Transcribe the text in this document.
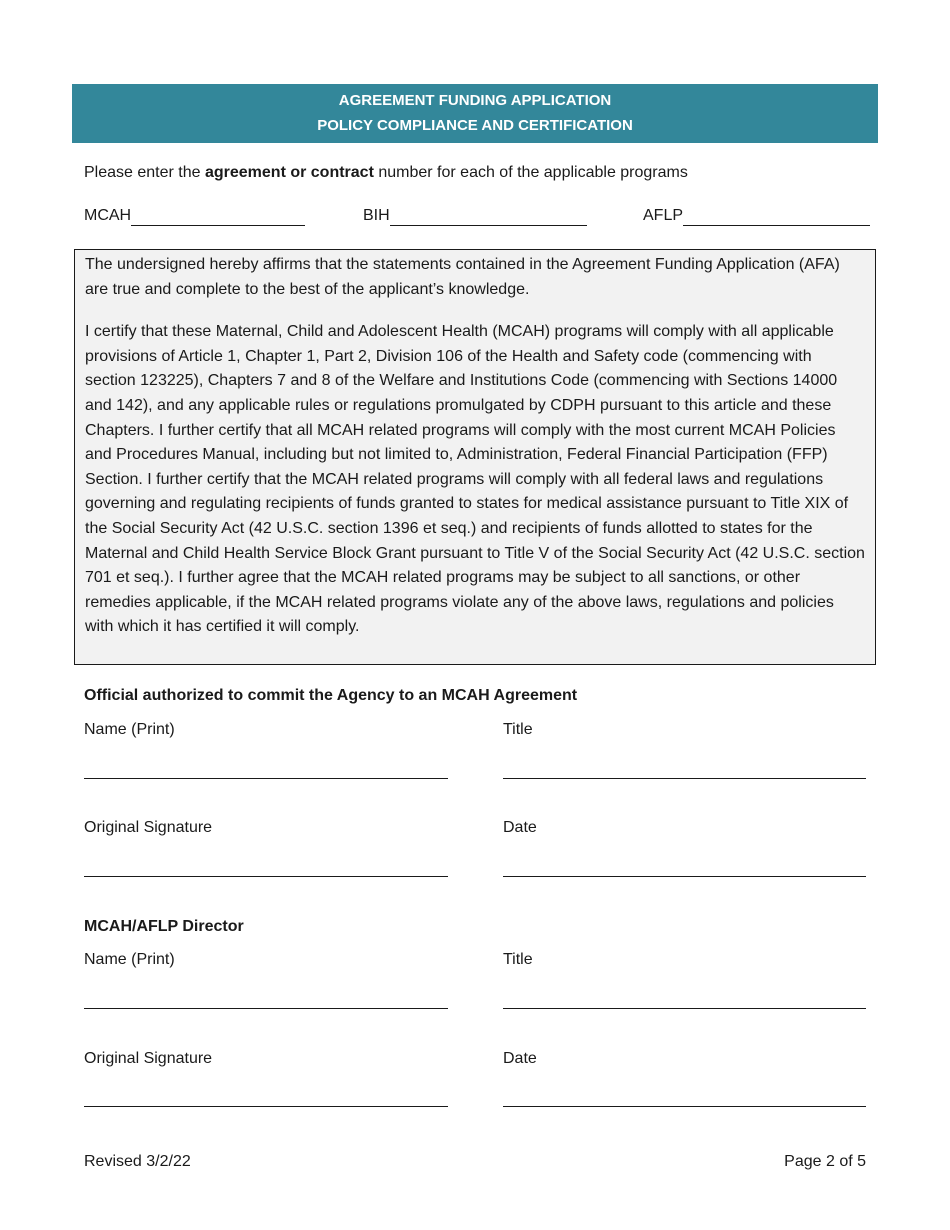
AGREEMENT FUNDING APPLICATION
POLICY COMPLIANCE AND CERTIFICATION
Please enter the agreement or contract number for each of the applicable programs
MCAH	BIH	AFLP

The undersigned hereby affirms that the statements contained in the Agreement Funding Application (AFA) are true and complete to the best of the applicant’s knowledge.

I certify that these Maternal, Child and Adolescent Health (MCAH) programs will comply with all applicable provisions of Article 1, Chapter 1, Part 2, Division 106 of the Health and Safety code (commencing with section 123225), Chapters 7 and 8 of the Welfare and Institutions Code (commencing with Sections 14000 and 142), and any applicable rules or regulations promulgated by CDPH pursuant to this article and these Chapters. I further certify that all MCAH related programs will comply with the most current MCAH Policies and Procedures Manual, including but not limited to, Administration, Federal Financial Participation (FFP) Section. I further certify that the MCAH related programs will comply with all federal laws and regulations governing and regulating recipients of funds granted to states for medical assistance pursuant to Title XIX of the Social Security Act (42 U.S.C. section 1396 et seq.) and recipients of funds allotted to states for the Maternal and Child Health Service Block Grant pursuant to Title V of the Social Security Act (42 U.S.C. section 701 et seq.). I further agree that the MCAH related programs may be subject to all sanctions, or other remedies applicable, if the MCAH related programs violate any of the above laws, regulations and policies with which it has certified it will comply.

Official authorized to commit the Agency to an MCAH Agreement
Name (Print)	Title
Original Signature	Date
MCAH/AFLP Director
Name (Print)	Title
Original Signature	Date
Revised 3/2/22	Page 2 of 5
